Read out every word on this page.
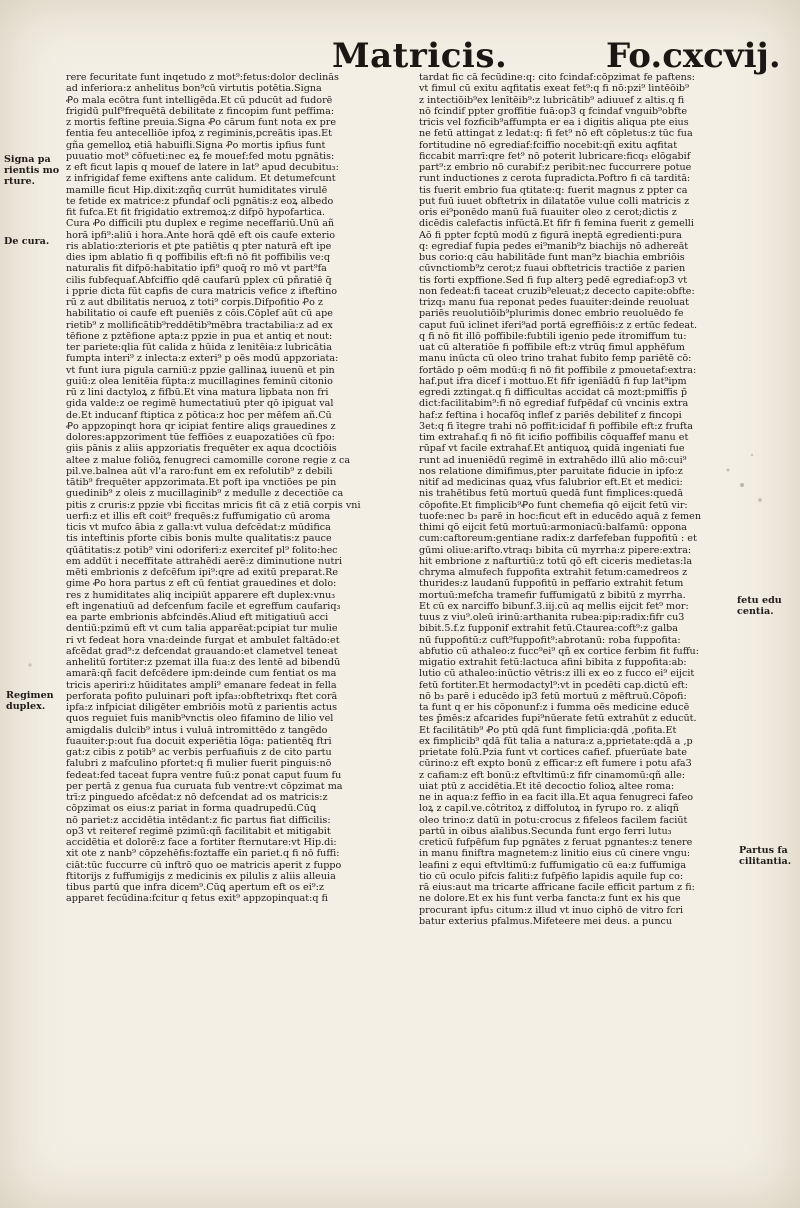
Matricis.	Fo.cxcvij.
Signa pa
rientis mo
rture.
De cura.
Regimen
duplex.
fetu edu
centia.
Partus fa
cilitantia.
rere fecuritate funt inqetudo z mot⁹:fetus:dolor declinās
ad inferiora:z anhelitus bon⁹cū virtutis potētia.Signa
Ꝓo mala ecōtra funt intelligēda.Et cū pducūt ad fudorē
frigidū pulf⁹frequētā debilitate z fincopim funt peffima:
z mortis feftine preuia.Signa Ꝓo cārum funt nota ex pre
fentia feu antecelliōe ipfoꝝ z regiminis,pcreātis ipas.Et
gña gemelloꝝ etiā habuifli.Signa Ꝓo mortis ipfius funt
puuatio mot⁹ cōfueti:nec eꝝ fe mouef:fed motu pgnātis:
z eft ficut lapis q mouef de latere in lat⁹ apud decubitu₃:
z infrigidaf feme exiftens ante calidum. Et detumefcunt
mamille ficut Hip.dixit:zqñq currūt humiditates virulē
te fetide ex matrice:z pfundaf ocli pgnātis:z eoꝝ albedo
fit fufca.Et fit frigidatio extremoꝝ:z difpō hypofartica.
Cura Ꝓo difficili ptu duplex e regime neceffariū.Unū añ
horā ipfi⁹:aliū i hora.Ante horā qdē eft ois caufe exterio
ris ablatio:zterioris et ꝑte patiētis q pter naturā eft ipe
dies ipm ablatio fi q poffibilis eft:fi nō fit poffibilis ve:q
naturalis fit difpō:habitatio ipfi⁹ quoq̄ ro mō vt part⁹fa
cilis fubfequaf.Abfciffio qdē caufarū pplex cū pñratiē q̄
i pprie dicta fūt capfis de cura matricis vefice z ifteftino
rū z aut dbilitatis neruoꝝ z toti⁹ corpis.Difpofitio Ꝓo z
habilitatio oi caufe eft pueniēs z cōis.Cōplef aūt cū ape
rietib⁹ z mollificātib⁹reddētib⁹mēbra tractabilia:z ad ex
tēfione z pztēfione apta:z ppzie in pua et antiq et nout:
ter pariete:qlia fūt calida z hūida z lenitēia:z lubricātia
fumpta interi⁹ z inlecta:z exteri⁹ p oēs modū appzoriata:
vt funt iura pigula carniū:z ppzie gallinaꝝ iuuenū et pin
guiū:z olea lenitēia fūpta:z mucillagines feminū citonio
rū z lini dactyloꝝ z fifbū.Et vina matura lipbata non fri
gida valde:z oe regimē humectatiuū pter qō ipiguat val
de.Et inducanf ftiptica z pōtica:z hoc per mēfem añ.Cū
Ꝓo appzopinqt hora qr icipiat fentire aliqs grauedines z
dolores:appzoriment tūe feffiōes z euapozatiōes cū fpo:
giis pānis z aliis appzoriatis frequēter ex aqua dcoctiōis
altee z malue foliōꝝ fenugreci camomille corone regie z ca
pil.ve.balnea aūt vl'a raro:funt em ex refolutib⁹ z debili
tātib⁹ frequēter appzorimata.Et poft ipa vnctiōes pe pin
guedinib⁹ z oleis z mucillaginib⁹ z medulle z decectiōe ca
pitis z cruris:z ppzie vbi ficcitas mricis fit cā z etiā corpis vni
uerfi:z et illis eft coit⁹ frequēs:z fuffumigatio cū aroma
ticis vt mufco ābia z galla:vt vulua defcēdat:z mūdifica
tis inteftinis pforte cibis bonis multe qualitatis:z pauce
qūātitatis:z potib⁹ vini odoriferi:z exercitef pl⁹ folito:hec
em addūt i neceffitate attrahēdi aerē:z diminutione nutri
mēti embrionis z defcēfum ipi⁹:qre ad exitū preparat.Re
gime Ꝓo hora partus z eft cū fentiat grauedines et dolo:
res z humiditates aliq incipiūt apparere eft duplex:vnu₃
eft ingenatiuū ad defcenfum facile et egreffum caufariq₃
ea parte embrionis abfcindēs.Aliud eft mitigatiuū acci
dentiū:pzimū eft vt cum talia apparēat:pcipiat tur mulie
ri vt fedeat hora vna:deinde furgat et ambulet faltādo:et
afcēdat grad⁹:z defcendat grauando:et clametvel teneat
anhelitū fortiter:z pzemat illa fua:z des lentē ad bibendū
amarā:qñ facit defcēdere ipm:deinde cum fentiat os ma
tricis aperiri:z hūiditates ampli⁹ emanare fedeat in fella
perforata pofito puluinari poft ipfa₃:obftetrixq₃ ftet corā
ipfa:z infpiciat diligēter embriōis motū z parientis actus
quos reguiet fuis manib⁹vnctis oleo fifamino de lilio vel
amigdalis dulcib⁹ intus i vuluā intromittēdo z tangēdo
fuauiter:p:out fua docuit experiētia lōga: patientēꝗ ftri
gat:z cibis z potib⁹ ac verbis perfuafiuis z de cito partu
falubri z mafculino pfortet:q fi mulier fuerit pinguis:nō
fedeat:fed taceat fupra ventre fuū:z ponat caput fuum fu
per pertā z genua fua curuata fub ventre:vt cōpzimat ma
trī:z pinguedo afcēdat:z nō defcendat ad os matricis:z
cōpzimat os eius:z pariat in forma quadrupedū.Cūꝗ
nō pariet:z accidētia intēdant:z fic partus fiat difficilis:
op3 vt reiteref regimē pzimū:qñ facilitabit et mitigabit
accidētia et dolorē:z face a fortiter fternutare:vt Hip.di:
xit ote z nanb⁹ cōpzehēfis:foztaffe eīn pariet.q fi nō fuffi:
ciāt:tūc fuccurre cū inftrō quo oe matricis aperit z fuppo
ftitorijs z fuffumigijs z medicinis ex pilulis z aliis alleuia
tibus partū que infra dicem⁹.Cūꝗ apertum eft os ei⁹:z
apparet fecūdina:fcitur q fetus exit⁹ appzopinquat:q fi
tardat fic cā fecūdine:q: cito fcindaf:cōpzimat fe paftens:
vt fimul cū exitu aqfitatis exeat fet⁹:q fi nō:pzi⁹ lintēōib⁹
z intectiōib⁹ex lenītēib⁹:z lubricātib⁹ adiuuef z altis.q fi
nō fcindif ppter groffitie fuā:op3 q fcindaf vnguib⁹obfte
tricis vel fozficib⁹affumpta er ea i digitis aliqua pte eius
ne fetū attingat z ledat:q: fi fet⁹ nō eft cōpletus:z tūc fua
fortitudine nō egrediaf:fciffio nocebit:qñ exitu aqfitat
ficcabit marrī:qre fet⁹ nō poterit lubricare:ficq₃ elōgabif
part⁹:z embrio nō curabif:z peribit:nec fuccurrere potue
runt inductiones z cerota fupradicta.Poftro fi cā tarditā:
tis fuerit embrio fua qtitate:q: fuerit magnus z ppter ca
put fuū iuuet obftetrix in dilatatōe vulue colli matricis z
oris ei⁹ponēdo manū fuā fuauiter oleo z cerot;dictis z
dicēdis calefactis infūctā.Et fifr fi femina fuerit z gemelli
Aō fi ppter fcptū modū z figurā ineptā egredienti:pura
q: egrediaf fupia pedes ei⁹manib⁹z biachijs nō adhereāt
bus corio:q cāu habilitāde funt man⁹z biachia embriōis
cūvnctiomb⁹z cerot;z fuaui obftetricis tractiōe z parien
tis forti expffione.Sed fi fup alterꝫ pedē egrediaf:op3 vt
non fedeat:fi taceat cruzib⁹eleuat;z dececto capite:obfte:
trizq₃ manu fua reponat pedes fuauiter:deinde reuoluat
pariēs reuolutiōib⁹plurimis donec embrio reuoluēdo fe
caput fuū iclinet iferi⁹ad portā egreffiōis:z z ertūc fedeat.
q fi nō fit illō poffibile:fubtili igenio pede itromiffum tu:
uat cū alteratiōe fi poffibile eft:z vtrūq fimul apphēfum
manu inūcta cū oleo trino trahat fubito femp pariētē cō:
fortādo p oēm modū:q fi nō fit poffibile z pmouetaf:extra:
haf.put ifra dicef i mottuo.Et fifr igenīādū fi fup lat⁹ipm
egredi zztingat.q fi difficultas accidat cā mozt̄:pmiffis p̄
dict:facilitabim⁹:fi nō egrediaf fufpēdaf cū vncinis extra
haf:z feftina i hocafōq infleẜ z pariēs debilitef z fincopi
3et:q fi ītegre trahi nō poffit:icidaf fi poffibile eft:z frufta
tim extrahaf.q fi nō fit icifio poffibilis cōquaffef manu et
rūpaf vt facile extrahaf.Et antiquoꝝ quidā ingeniati fue
runt ad inueniēdū regimē in extrahēdo illū alio mō:cui⁹
nos relatione dimifimus,pter paruitate fiducie in ipfo:z
nitif ad medicinas quaꝝ vfus falubrior eft.Et et medici:
nis trahētibus fetū mortuū quedā funt fimplices:quedā
cōpofite.Et fimplicib⁹Ꝓo funt chemefia qō eijcit fetū vir:
tuofe:nec b₃ parē in hoc:ficut eft in educēdo aquā z femen
thimi qō eijcit fetū mortuū:armoniacū:balfamū: oppona
cum:caftoreum:gentiane radix:z darfefeban fuppofitū : et
gūmi oliue:arifto.vtraq₃ bibita cū myrrha:z pipere:extra:
hit embrione z nafturtiū:z totū qō eft ciceris medietas:la
chryma almufech fuppofita extrahit fetum:camedreos z
thurides:z laudanū fuppofitū in peffario extrahit fetum
mortuū:mefcha tramefir fuffumigatū z bibitū z myrrha.
Et cū ex narciffo bibunf.3.iij.cū aq mellis eijcit fet⁹ mor:
tuus z viu⁹.oleū irinū:arthanita rubea:pip:radix:fifr cu3
bibit.5.f.z fupponif extrahit fetū.Ctaurea:coft⁹:z galba
nū fuppofitū:z cuft⁹fuppofit⁹:abrotanū: roba fuppofita:
abfutio cū athaleo:z fucc⁹ei⁹ qñ ex cortice ferbim fit fuffu:
migatio extrahit fetū:lactuca afini bibita z fuppofita:ab:
lutio cū athaleo:inūctio vētris:z illi ex eo z fucco ei⁹ eijcit
fetū fortiter.Et hermodactyl⁹:vt in pcedēti cap.dictū eft:
nō b₃ parē i educēdo ip3 fetū mortuū z mēftruū.Cōpofi:
ta funt q er his cōponunf:z i fumma oēs medicine educē
tes p̄mēs:z afcarides fupi⁹nūerate fetū extrahūt z educūt.
Et facilitātib⁹ Ꝓo ptū qdā funt fimplicia:qdā ,pofita.Et
ex fimplicib⁹ qdā fūt talia a natura:z a,pprietate:qdā a ,p
prietate folū.Pzia funt vt cortices cafief. pfuerūate bate
cūrino:z eft expto bonū z efficar:z eft fumere i potu afa3
z cafiam:z eft bonū:z eftvltimū:z fifr cinamomū:qñ alle:
uiat ptū z accidētia.Et itē decoctio folioꝝ altee roma:
ne in aqua:z feffio in ea facit illa.Et aqua fenugreci fafeo
loꝝ z capil.ve.côtritoꝝ z diffolutoꝝ in fyrupo ro. z aliqñ
oleo trino:z datū in potu:crocus z fifeleos facilem faciūt
partū in oibus aīalibus.Secunda funt ergo ferri lutu₃
creticū fufpēfum fup pgnātes z feruat pgnantes:z tenere
in manu finiftra magnetem:z linitio eius cū cinere vngu:
leafini z equi eftvltimū:z fuffumigatio cū ea:z fuffumiga
tio cū oculo pifcis faliti:z fufpēfio lapidis aquile fup co:
rā eius:aut ma tricarte affricane facile efficit partum z fi:
ne dolore.Et ex his funt verba fancta:z funt ex his que
procurant ipfu₃ citum:z illud vt inuo ciphō de vitro fcri
batur exterius pfalmus.Mifeteere mei deus. a puncu
